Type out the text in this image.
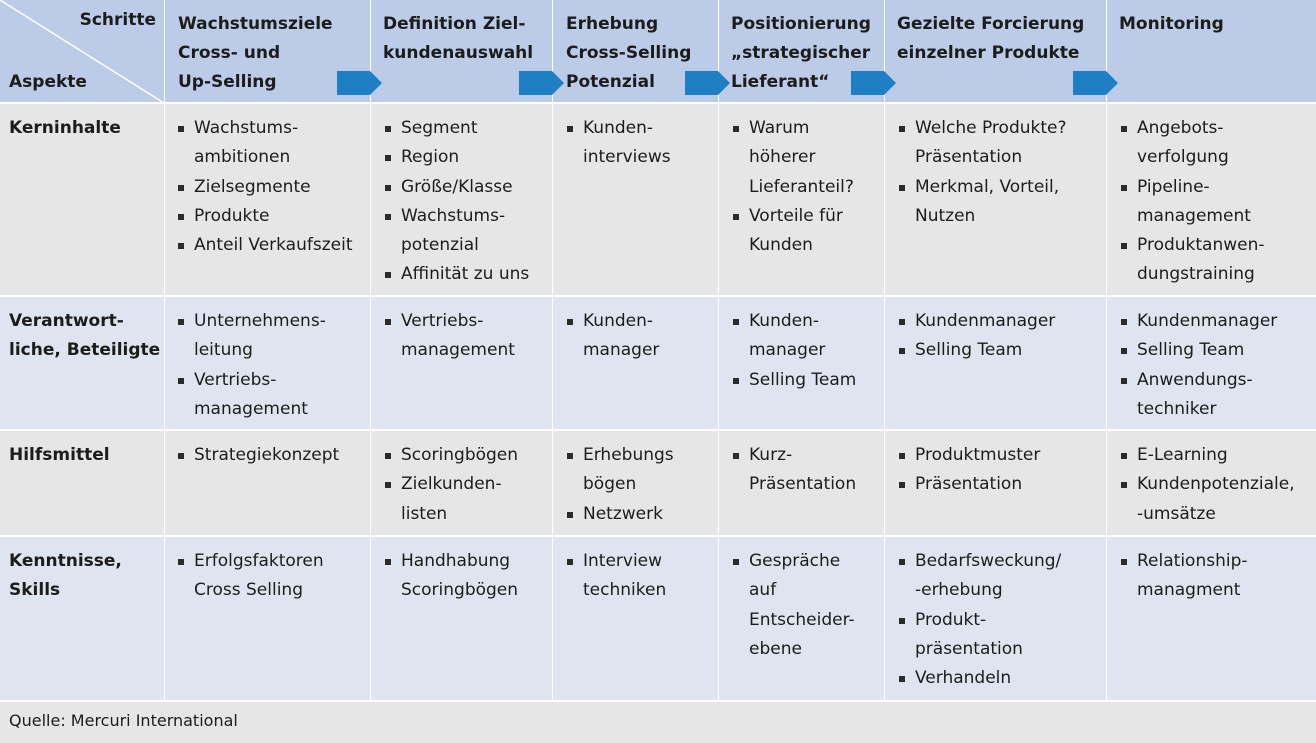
Schritte
Aspekte
Wachstumsziele
Cross- und
Up-Selling
Definition Ziel-
kundenauswahl
Erhebung
Cross-Selling
Potenzial
Positionierung
„strategischer
Lieferant“
Gezielte Forcierung
einzelner Produkte
Monitoring
Kerninhalte
Verantwort-
liche, Beteiligte
Hilfsmittel
Kenntnisse,
Skills
Wachstums-
ambitionen
Zielsegmente
Produkte
Anteil Verkaufszeit
Segment
Region
Größe/Klasse
Wachstums-
potenzial
Affinität zu uns
Kunden-
interviews
Warum
höherer
Lieferanteil?
Vorteile für
Kunden
Welche Produkte?
Präsentation
Merkmal, Vorteil,
Nutzen
Angebots-
verfolgung
Pipeline-
management
Produktanwen-
dungstraining
Unternehmens-
leitung
Vertriebs-
management
Vertriebs-
management
Kunden-
manager
Kunden-
manager
Selling Team
Kundenmanager
Selling Team
Kundenmanager
Selling Team
Anwendungs-
techniker
Strategiekonzept	Scoringbögen
Zielkunden-
listen
Erhebungs
bögen
Netzwerk
Kurz-
Präsentation
Produktmuster
Präsentation
E-Learning
Kundenpotenziale,
-umsätze
Erfolgsfaktoren
Cross Selling
Handhabung
Scoringbögen
Interview
techniken
Gespräche
auf
Entscheider-
ebene
Bedarfsweckung/
-erhebung
Produkt-
präsentation
Verhandeln
Relationship-
managment
Quelle: Mercuri International
